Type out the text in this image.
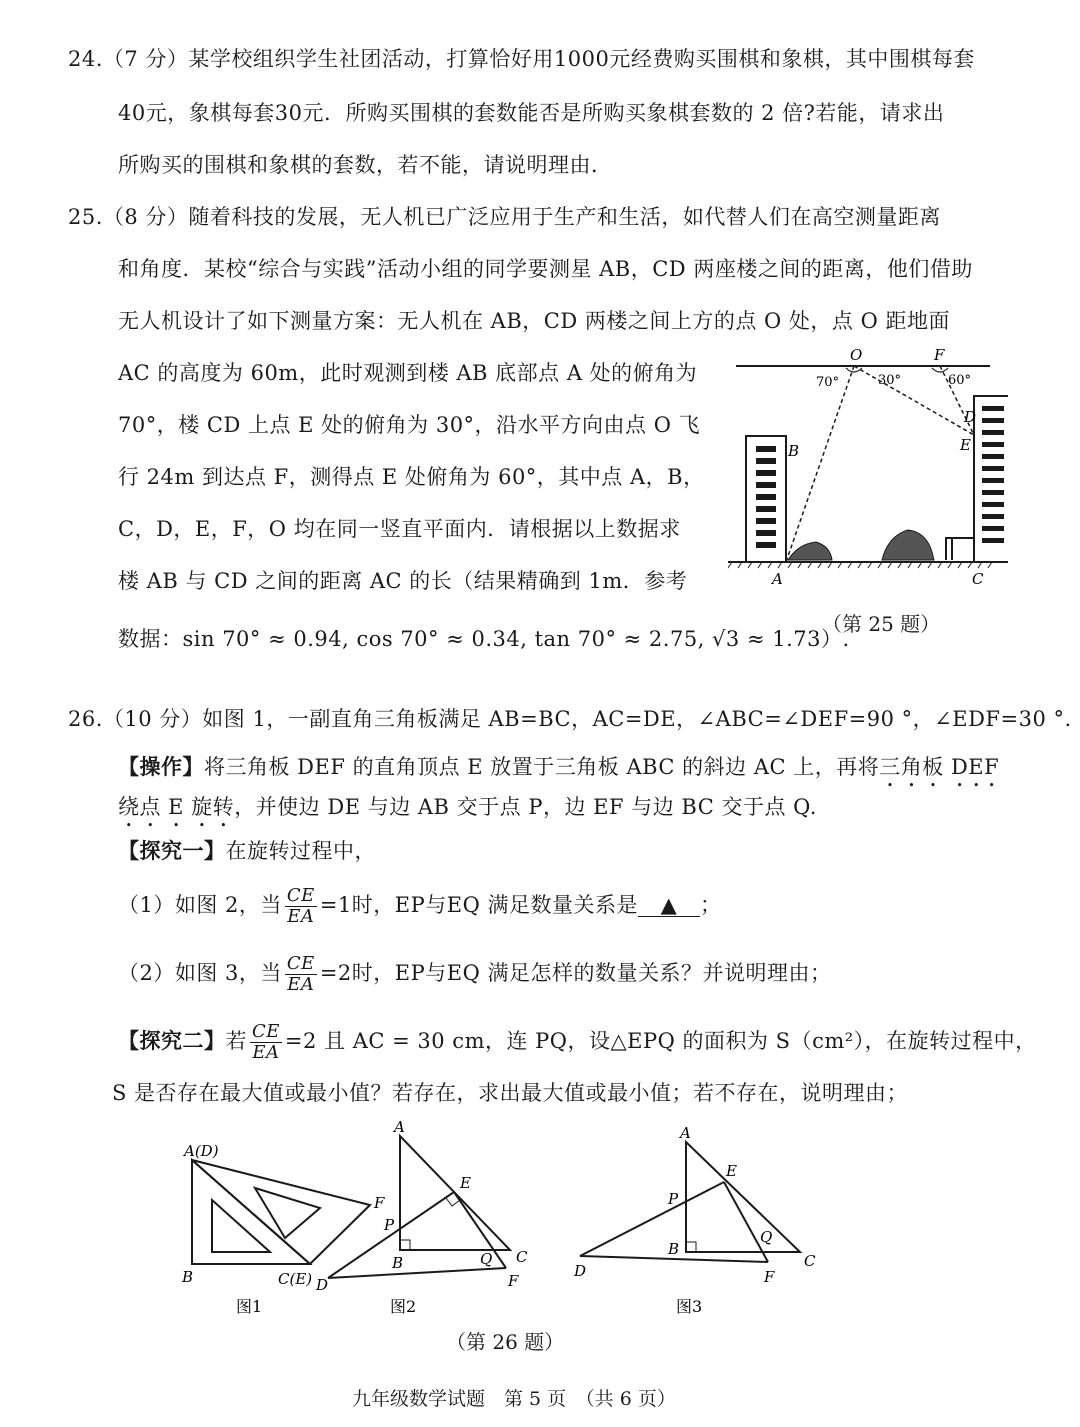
24.（7 分）某学校组织学生社团活动，打算恰好用1000元经费购买围棋和象棋，其中围棋每套
40元，象棋每套30元．所购买围棋的套数能否是所购买象棋套数的 2 倍?若能，请求出
所购买的围棋和象棋的套数，若不能，请说明理由．
25.（8 分）随着科技的发展，无人机已广泛应用于生产和生活，如代替人们在高空测量距离
和角度．某校“综合与实践”活动小组的同学要测星 AB，CD 两座楼之间的距离，他们借助
无人机设计了如下测量方案：无人机在 AB，CD 两楼之间上方的点 O 处，点 O 距地面
AC 的高度为 60m，此时观测到楼 AB 底部点 A 处的俯角为
70°，楼 CD 上点 E 处的俯角为 30°，沿水平方向由点 O 飞
行 24m 到达点 F，测得点 E 处俯角为 60°，其中点 A，B，
C，D，E，F，O 均在同一竖直平面内．请根据以上数据求
楼 AB 与 CD 之间的距离 AC 的长（结果精确到 1m．参考
数据：sin 70° ≈ 0.94, cos 70° ≈ 0.34, tan 70° ≈ 2.75, √3 ≈ 1.73）.
O	F
B
D
E
A	C
70°	30°	60°
（第 25 题）
26.（10 分）如图 1，一副直角三角板满足 AB=BC，AC=DE，∠ABC=∠DEF=90 °，∠EDF=30 °.
【操作】将三角板 DEF 的直角顶点 E 放置于三角板 ABC 的斜边 AC 上，再将三角板 DEF
绕点 E 旋转，并使边 DE 与边 AB 交于点 P，边 EF 与边 BC 交于点 Q.
【探究一】在旋转过程中，
（1）如图 2，当 $\frac{CE}{EA} =1$时，EP与EQ 满足数量关系是 ▲ ；
（2）如图 3，当 $\frac{CE}{EA} =2$时，EP与EQ 满足怎样的数量关系？并说明理由；
【探究二】若 $\frac{CE}{EA} =2$ 且 AC = 30 cm，连 PQ，设△EPQ 的面积为 S（cm²），在旋转过程中，
S 是否存在最大值或最小值？若存在，求出最大值或最小值；若不存在，说明理由；
A(D)
F
B	C(E) D
图1
A
E
P
B	Q C
F
图2
A
E
P
B
Q
C
D	F
图3
（第 26 题）
九年级数学试题　第 5 页　（共 6 页）
